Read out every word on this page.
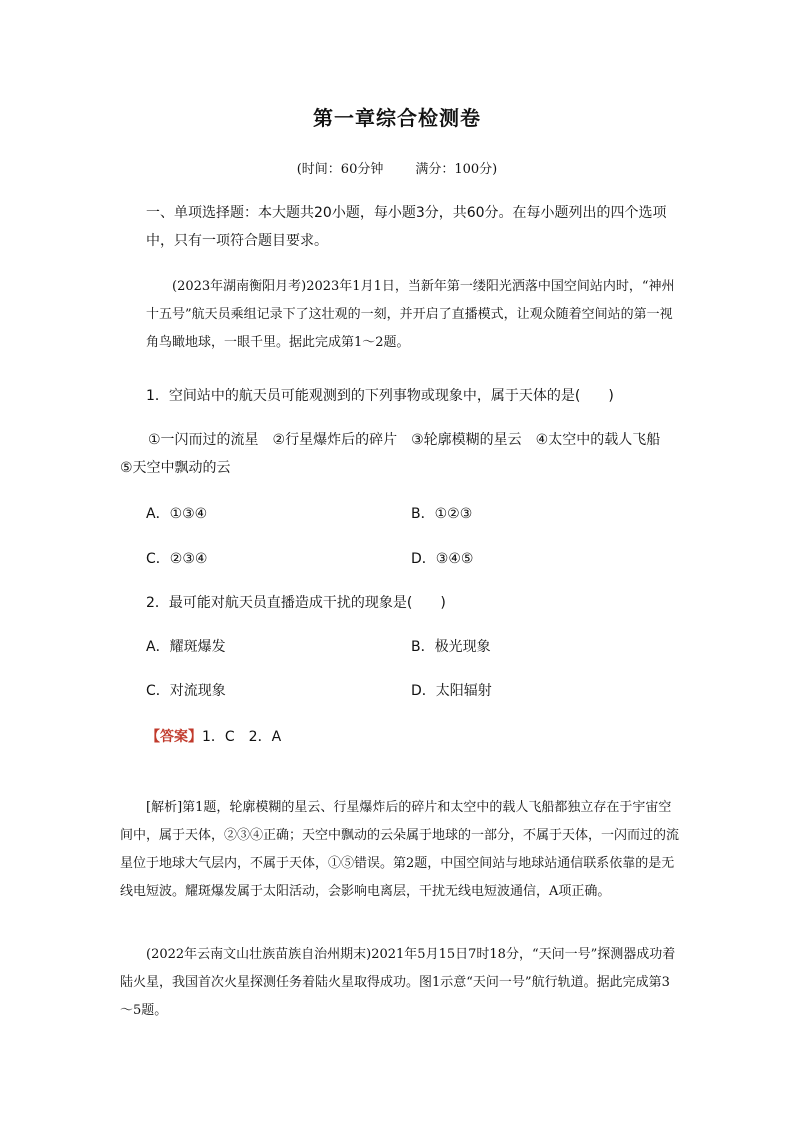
第一章综合检测卷
(时间：60分钟 满分：100分)

一、单项选择题：本大题共20小题，每小题3分，共60分。在每小题列出的四个选项中，只有一项符合题目要求。

(2023年湖南衡阳月考)2023年1月1日，当新年第一缕阳光洒落中国空间站内时，“神州十五号”航天员乘组记录下了这壮观的一刻，并开启了直播模式，让观众随着空间站的第一视角鸟瞰地球，一眼千里。据此完成第1～2题。

1．空间站中的航天员可能观测到的下列事物或现象中，属于天体的是(　　)

①一闪而过的流星　②行星爆炸后的碎片　③轮廓模糊的星云　④太空中的载人飞船　⑤天空中飘动的云

A．①③④	B．①②③
C．②③④	D．③④⑤

2．最可能对航天员直播造成干扰的现象是(　　)

A．耀斑爆发	B．极光现象
C．对流现象	D．太阳辐射

【答案】1．C　2．A

[解析]第1题，轮廓模糊的星云、行星爆炸后的碎片和太空中的载人飞船都独立存在于宇宙空间中，属于天体，②③④正确；天空中飘动的云朵属于地球的一部分，不属于天体，一闪而过的流星位于地球大气层内，不属于天体，①⑤错误。第2题，中国空间站与地球站通信联系依靠的是无线电短波。耀斑爆发属于太阳活动，会影响电离层，干扰无线电短波通信，A项正确。

(2022年云南文山壮族苗族自治州期末)2021年5月15日7时18分，“天问一号”探测器成功着陆火星，我国首次火星探测任务着陆火星取得成功。图1示意“天问一号”航行轨道。据此完成第3～5题。
